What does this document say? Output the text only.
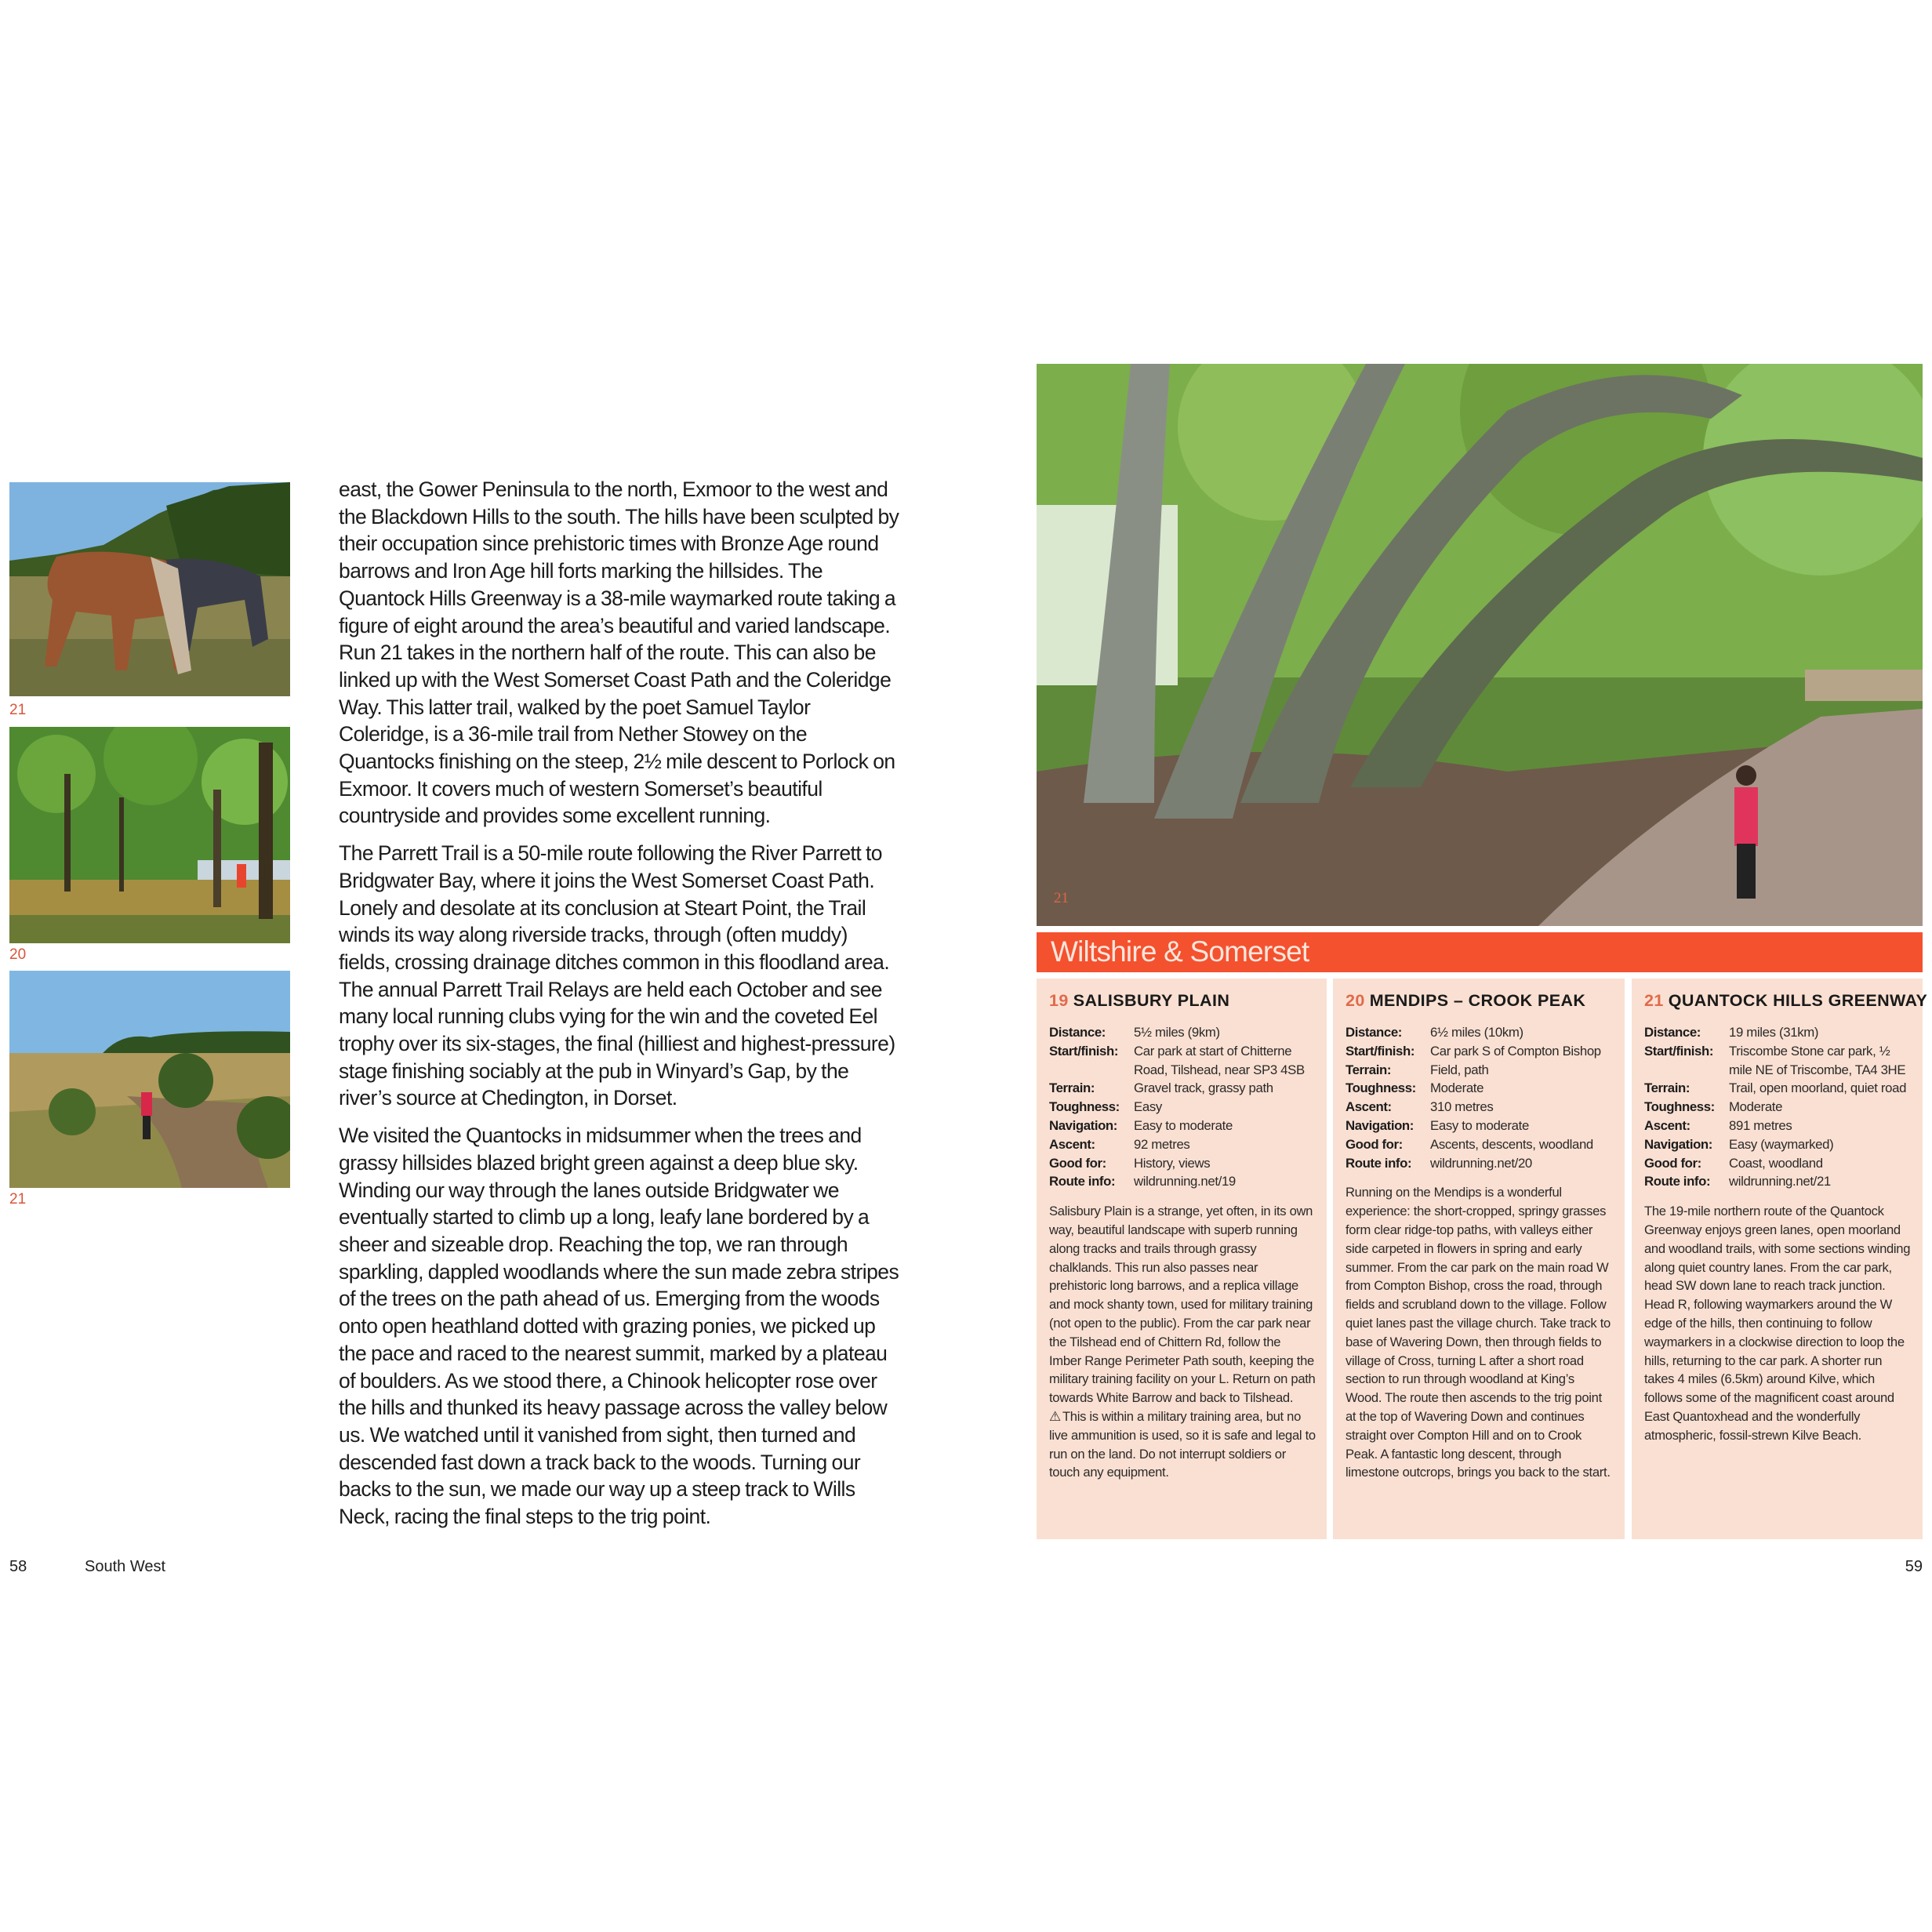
21
20
21

east, the Gower Peninsula to the north, Exmoor to the west and the Blackdown Hills to the south. The hills have been sculpted by their occupation since prehistoric times with Bronze Age round barrows and Iron Age hill forts marking the hillsides. The Quantock Hills Greenway is a 38-mile waymarked route taking a figure of eight around the area’s beautiful and varied landscape. Run 21 takes in the northern half of the route. This can also be linked up with the West Somerset Coast Path and the Coleridge Way. This latter trail, walked by the poet Samuel Taylor Coleridge, is a 36-mile trail from Nether Stowey on the Quantocks finishing on the steep, 2½ mile descent to Porlock on Exmoor. It covers much of western Somerset’s beautiful countryside and provides some excellent running.

The Parrett Trail is a 50-mile route following the River Parrett to Bridgwater Bay, where it joins the West Somerset Coast Path. Lonely and desolate at its conclusion at Steart Point, the Trail winds its way along riverside tracks, through (often muddy) fields, crossing drainage ditches common in this floodland area. The annual Parrett Trail Relays are held each October and see many local running clubs vying for the win and the coveted Eel trophy over its six-stages, the final (hilliest and highest-pressure) stage finishing sociably at the pub in Winyard’s Gap, by the river’s source at Chedington, in Dorset.

We visited the Quantocks in midsummer when the trees and grassy hillsides blazed bright green against a deep blue sky. Winding our way through the lanes outside Bridgwater we eventually started to climb up a long, leafy lane bordered by a sheer and sizeable drop. Reaching the top, we ran through sparkling, dappled woodlands where the sun made zebra stripes of the trees on the path ahead of us. Emerging from the woods onto open heathland dotted with grazing ponies, we picked up the pace and raced to the nearest summit, marked by a plateau of boulders. As we stood there, a Chinook helicopter rose over the hills and thunked its heavy passage across the valley below us. We watched until it vanished from sight, then turned and descended fast down a track back to the woods. Turning our backs to the sun, we made our way up a steep track to Wills Neck, racing the final steps to the trig point.

58	South West
21
Wiltshire & Somerset
19 SALISBURY PLAIN
Distance:	5½ miles (9km)
Start/finish:	Car park at start of Chitterne Road, Tilshead, near SP3 4SB
Terrain:	Gravel track, grassy path
Toughness:	Easy
Navigation:	Easy to moderate
Ascent:	92 metres
Good for:	History, views
Route info:	wildrunning.net/19
Salisbury Plain is a strange, yet often, in its own way, beautiful landscape with superb running along tracks and trails through grassy chalklands. This run also passes near prehistoric long barrows, and a replica village and mock shanty town, used for military training (not open to the public). From the car park near the Tilshead end of Chittern Rd, follow the Imber Range Perimeter Path south, keeping the military training facility on your L. Return on path towards White Barrow and back to Tilshead. ⚠ This is within a military training area, but no live ammunition is used, so it is safe and legal to run on the land. Do not interrupt soldiers or touch any equipment.
20 MENDIPS – CROOK PEAK
Distance:	6½ miles (10km)
Start/finish:	Car park S of Compton Bishop
Terrain:	Field, path
Toughness:	Moderate
Ascent:	310 metres
Navigation:	Easy to moderate
Good for:	Ascents, descents, woodland
Route info:	wildrunning.net/20
Running on the Mendips is a wonderful experience: the short-cropped, springy grasses form clear ridge-top paths, with valleys either side carpeted in flowers in spring and early summer. From the car park on the main road W from Compton Bishop, cross the road, through fields and scrubland down to the village. Follow quiet lanes past the village church. Take track to base of Wavering Down, then through fields to village of Cross, turning L after a short road section to run through woodland at King’s Wood. The route then ascends to the trig point at the top of Wavering Down and continues straight over Compton Hill and on to Crook Peak. A fantastic long descent, through limestone outcrops, brings you back to the start.
21 QUANTOCK HILLS GREENWAY
Distance:	19 miles (31km)
Start/finish:	Triscombe Stone car park, ½ mile NE of Triscombe, TA4 3HE
Terrain:	Trail, open moorland, quiet road
Toughness:	Moderate
Ascent:	891 metres
Navigation:	Easy (waymarked)
Good for:	Coast, woodland
Route info:	wildrunning.net/21
The 19-mile northern route of the Quantock Greenway enjoys green lanes, open moorland and woodland trails, with some sections winding along quiet country lanes. From the car park, head SW down lane to reach track junction. Head R, following waymarkers around the W edge of the hills, then continuing to follow waymarkers in a clockwise direction to loop the hills, returning to the car park. A shorter run takes 4 miles (6.5km) around Kilve, which follows some of the magnificent coast around East Quantoxhead and the wonderfully atmospheric, fossil-strewn Kilve Beach.
59
